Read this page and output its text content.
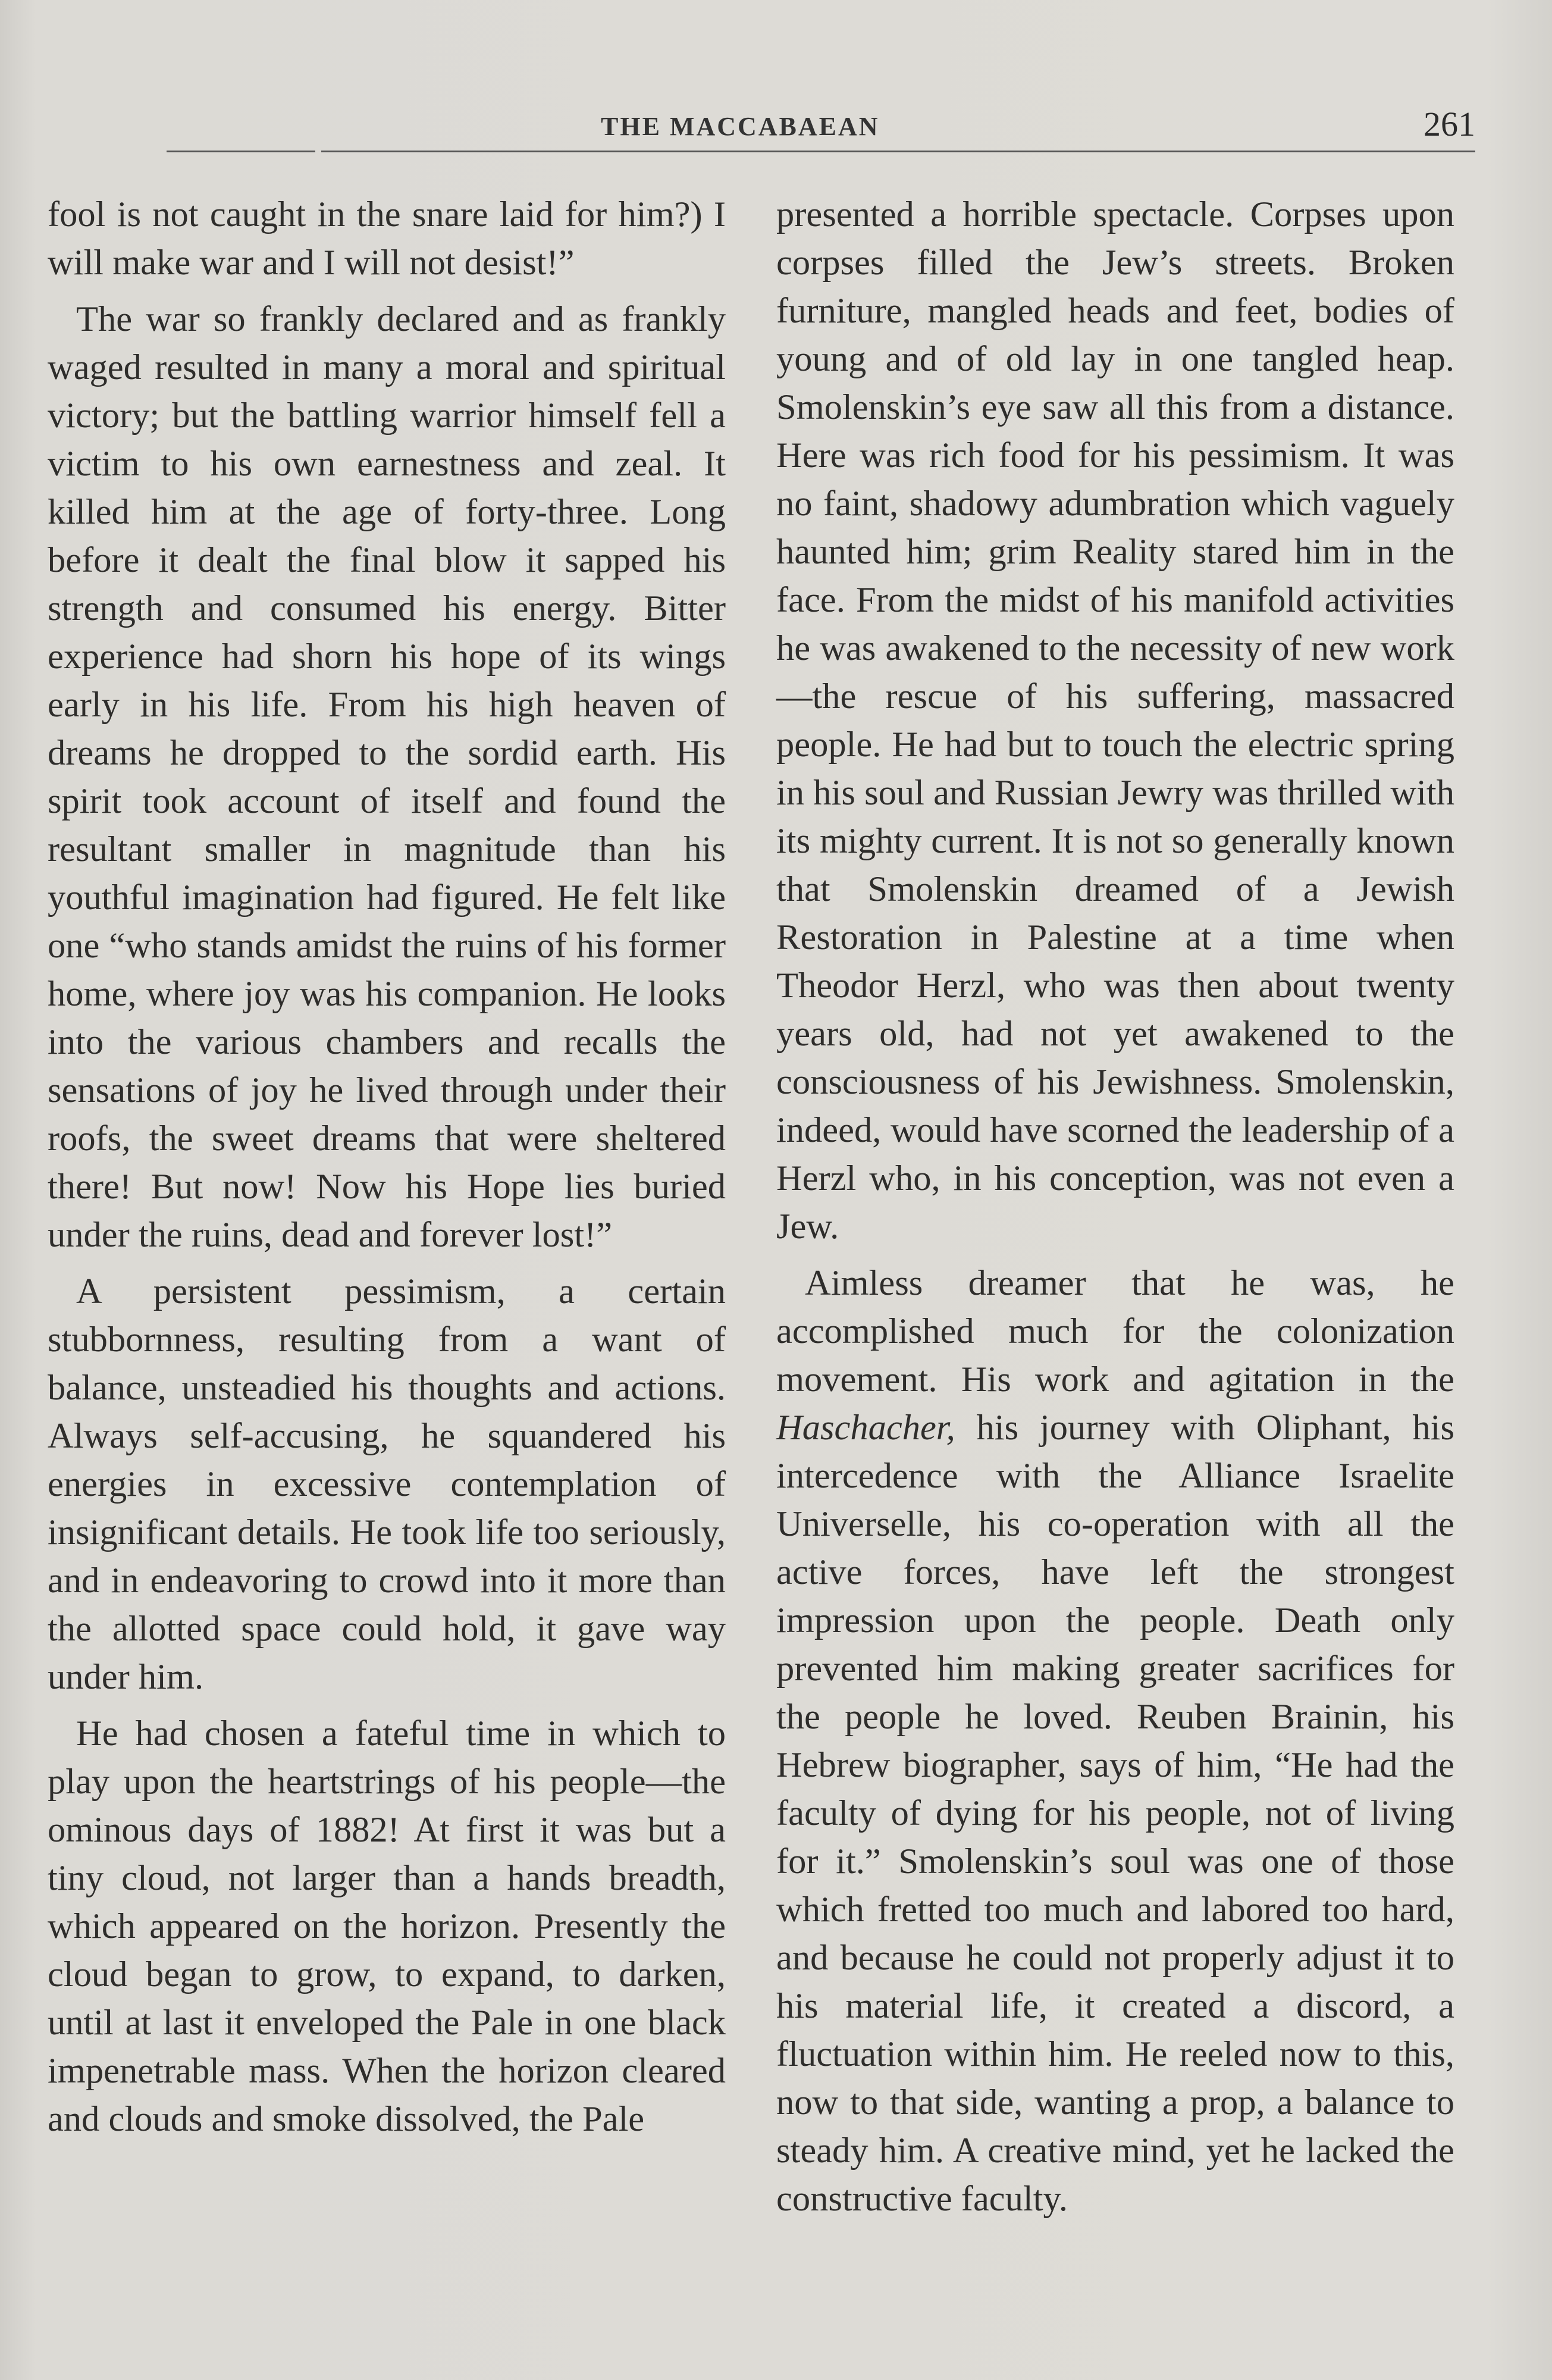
THE MACCABAEAN	261

fool is not caught in the snare laid for him?) I will make war and I will not desist!”

The war so frankly declared and as frankly waged resulted in many a moral and spiritual victory; but the battling warrior himself fell a victim to his own earnestness and zeal. It killed him at the age of forty-three. Long before it dealt the final blow it sapped his strength and consumed his energy. Bitter experience had shorn his hope of its wings early in his life. From his high heaven of dreams he dropped to the sordid earth. His spirit took account of itself and found the resultant smaller in magnitude than his youthful imagination had figured. He felt like one “who stands amidst the ruins of his former home, where joy was his companion. He looks into the various chambers and recalls the sensations of joy he lived through under their roofs, the sweet dreams that were sheltered there! But now! Now his Hope lies buried under the ruins, dead and forever lost!”

A persistent pessimism, a certain stubbornness, resulting from a want of balance, unsteadied his thoughts and actions. Always self-accusing, he squandered his energies in excessive contemplation of insignificant details. He took life too seriously, and in endeavoring to crowd into it more than the allotted space could hold, it gave way under him.

He had chosen a fateful time in which to play upon the heartstrings of his people—the ominous days of 1882! At first it was but a tiny cloud, not larger than a hands breadth, which appeared on the horizon. Presently the cloud began to grow, to expand, to darken, until at last it enveloped the Pale in one black impenetrable mass. When the horizon cleared and clouds and smoke dissolved, the Pale

presented a horrible spectacle. Corpses upon corpses filled the Jew’s streets. Broken furniture, mangled heads and feet, bodies of young and of old lay in one tangled heap. Smolenskin’s eye saw all this from a distance. Here was rich food for his pessimism. It was no faint, shadowy adumbration which vaguely haunted him; grim Reality stared him in the face. From the midst of his manifold activities he was awakened to the necessity of new work—the rescue of his suffering, massacred people. He had but to touch the electric spring in his soul and Russian Jewry was thrilled with its mighty current. It is not so generally known that Smolenskin dreamed of a Jewish Restoration in Palestine at a time when Theodor Herzl, who was then about twenty years old, had not yet awakened to the consciousness of his Jewishness. Smolenskin, indeed, would have scorned the leadership of a Herzl who, in his conception, was not even a Jew.

Aimless dreamer that he was, he accomplished much for the colonization movement. His work and agitation in the Haschacher, his journey with Oliphant, his intercedence with the Alliance Israelite Universelle, his co-operation with all the active forces, have left the strongest impression upon the people. Death only prevented him making greater sacrifices for the people he loved. Reuben Brainin, his Hebrew biographer, says of him, “He had the faculty of dying for his people, not of living for it.” Smolenskin’s soul was one of those which fretted too much and labored too hard, and because he could not properly adjust it to his material life, it created a discord, a fluctuation within him. He reeled now to this, now to that side, wanting a prop, a balance to steady him. A creative mind, yet he lacked the constructive faculty.
